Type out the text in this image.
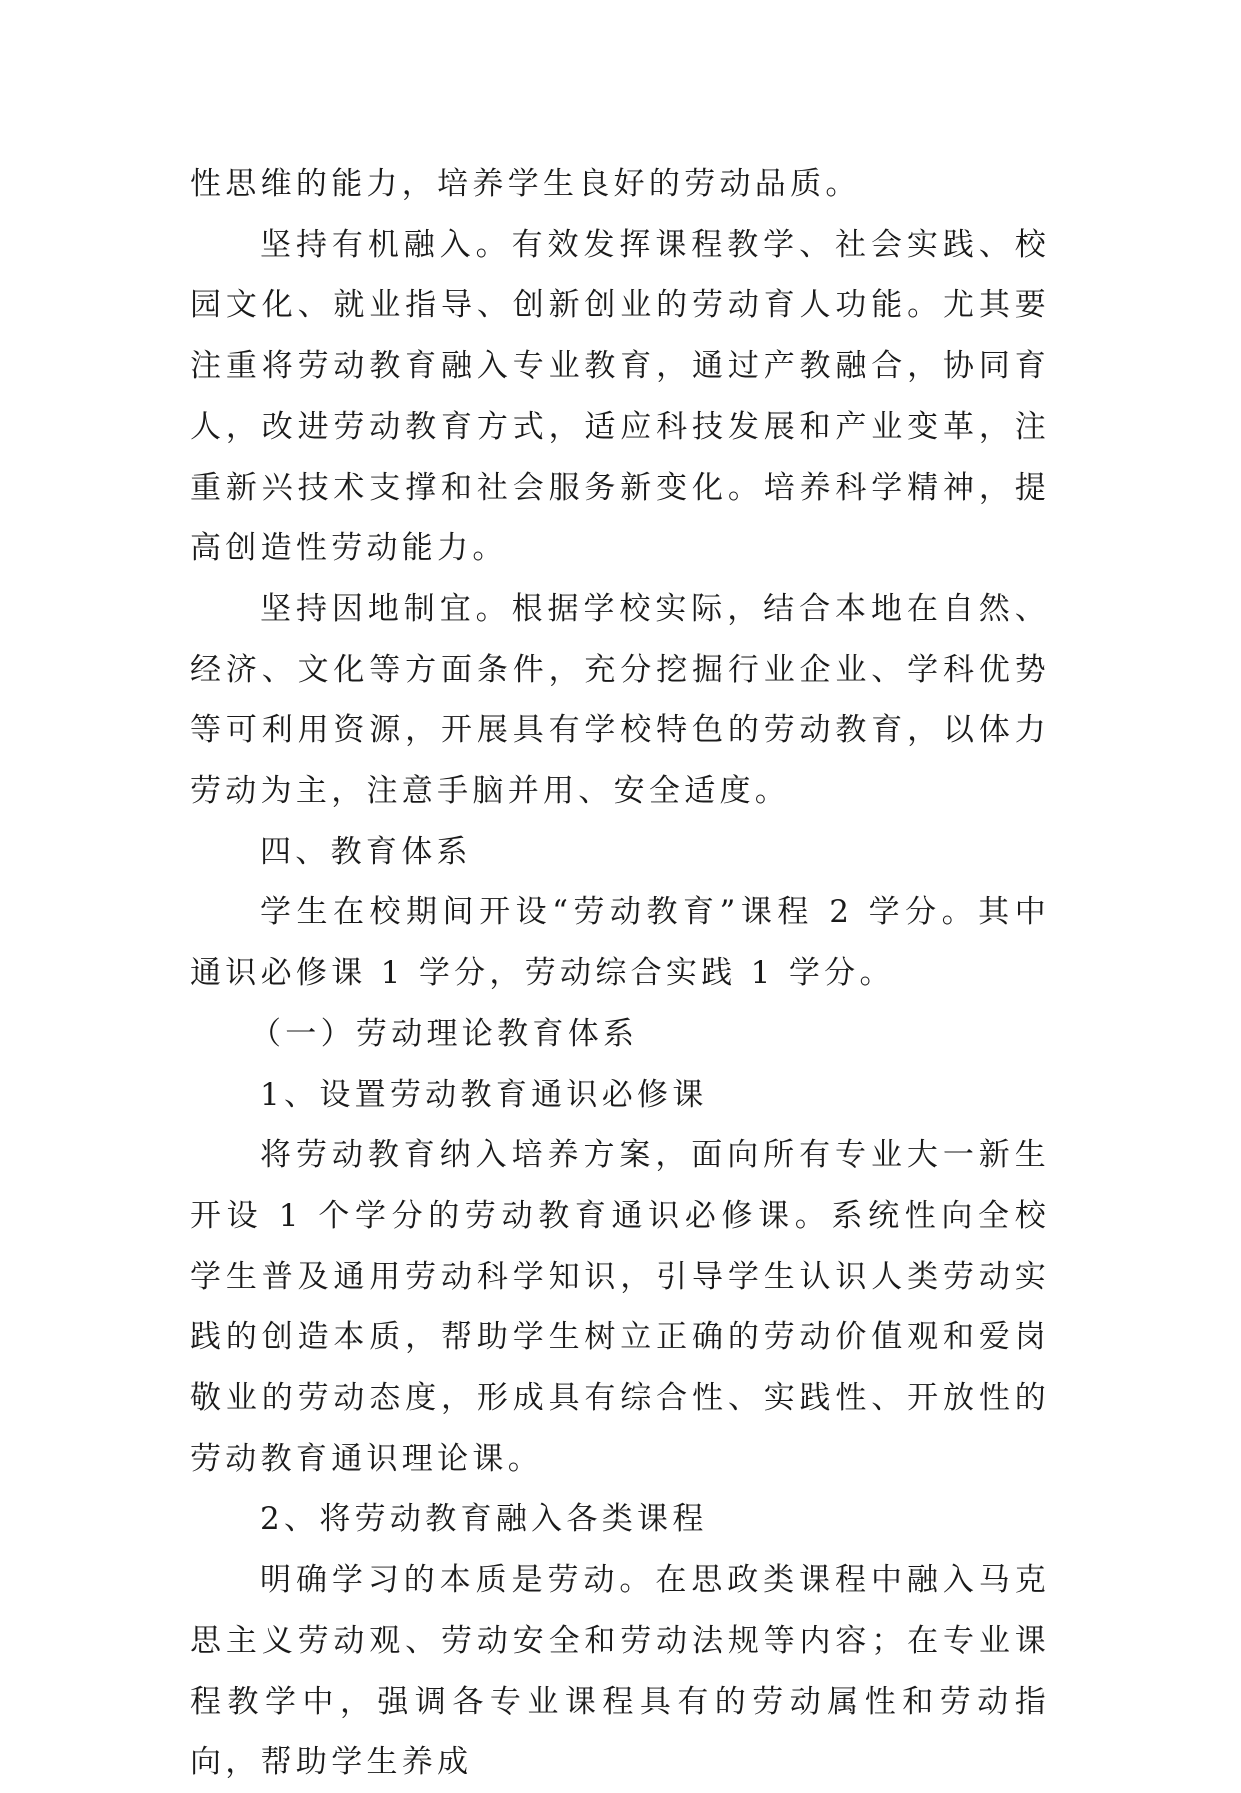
性思维的能力，培养学生良好的劳动品质。

坚持有机融入。有效发挥课程教学、社会实践、校园文化、就业指导、创新创业的劳动育人功能。尤其要注重将劳动教育融入专业教育，通过产教融合，协同育人，改进劳动教育方式，适应科技发展和产业变革，注重新兴技术支撑和社会服务新变化。培养科学精神，提高创造性劳动能力。

坚持因地制宜。根据学校实际，结合本地在自然、经济、文化等方面条件，充分挖掘行业企业、学科优势等可利用资源，开展具有学校特色的劳动教育，以体力劳动为主，注意手脑并用、安全适度。

四、教育体系

学生在校期间开设“劳动教育”课程 2 学分。其中通识必修课 1 学分，劳动综合实践 1 学分。

（一）劳动理论教育体系

1、设置劳动教育通识必修课

将劳动教育纳入培养方案，面向所有专业大一新生开设 1 个学分的劳动教育通识必修课。系统性向全校学生普及通用劳动科学知识，引导学生认识人类劳动实践的创造本质，帮助学生树立正确的劳动价值观和爱岗敬业的劳动态度，形成具有综合性、实践性、开放性的劳动教育通识理论课。

2、将劳动教育融入各类课程

明确学习的本质是劳动。在思政类课程中融入马克思主义劳动观、劳动安全和劳动法规等内容；在专业课程教学中，强调各专业课程具有的劳动属性和劳动指向，帮助学生养成
